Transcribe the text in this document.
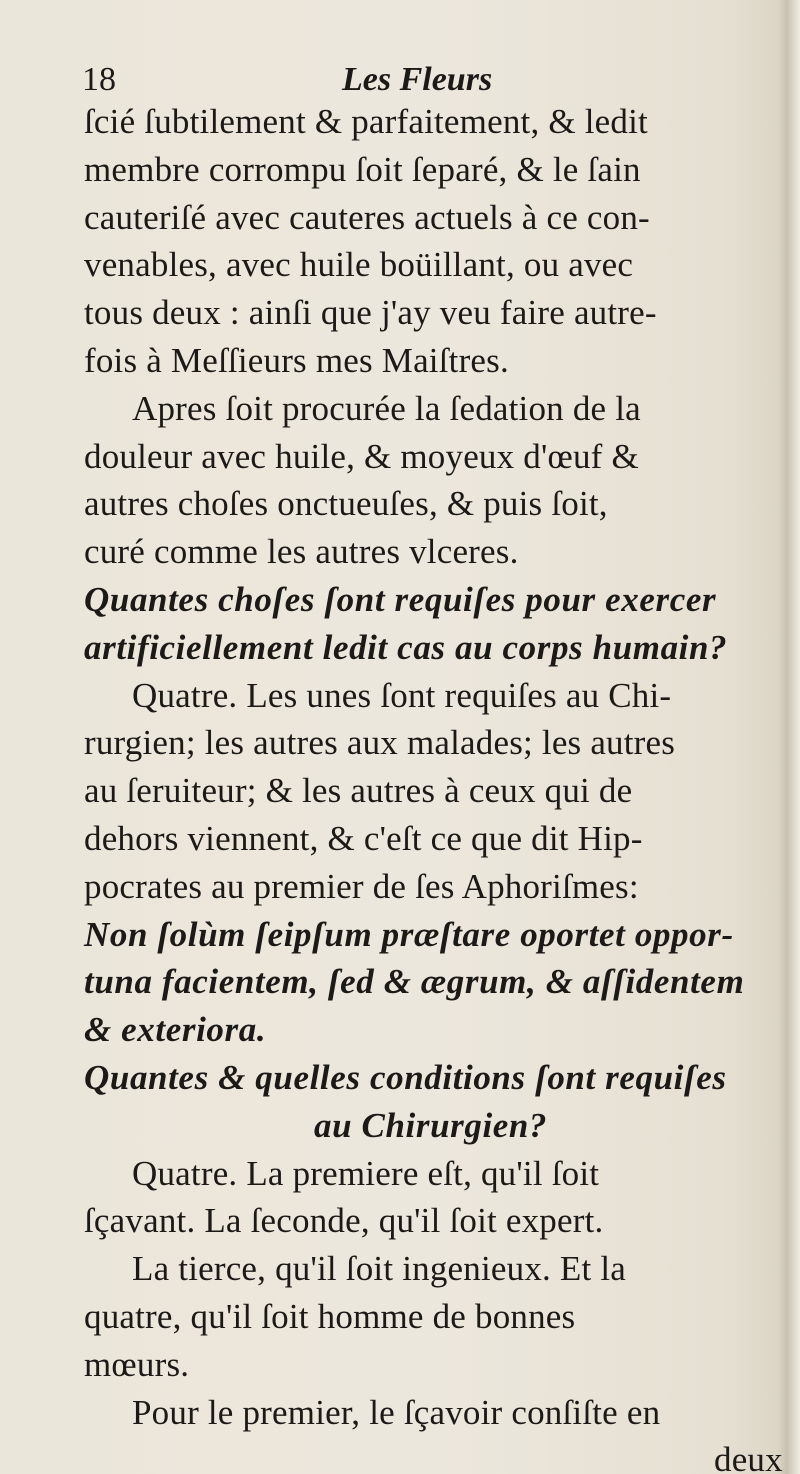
18	Les Fleurs
ſcié ſubtilement & parfaitement, & ledit
membre corrompu ſoit ſeparé, & le ſain
cauteriſé avec cauteres actuels à ce con-
venables, avec huile boüillant, ou avec
tous deux : ainſi que j'ay veu faire autre-
fois à Meſſieurs mes Maiſtres.
Apres ſoit procurée la ſedation de la
douleur avec huile, & moyeux d'œuf &
autres choſes onctueuſes, & puis ſoit,
curé comme les autres vlceres.
Quantes choſes ſont requiſes pour exercer
artificiellement ledit cas au corps humain?
Quatre. Les unes ſont requiſes au Chi-
rurgien; les autres aux malades; les autres
au ſeruiteur; & les autres à ceux qui de
dehors viennent, & c'eſt ce que dit Hip-
pocrates au premier de ſes Aphoriſmes:
Non ſolùm ſeipſum præſtare oportet oppor-
tuna facientem, ſed & ægrum, & aſſidentem
& exteriora.
Quantes & quelles conditions ſont requiſes
au Chirurgien?
Quatre. La premiere eſt, qu'il ſoit
ſçavant. La ſeconde, qu'il ſoit expert.
La tierce, qu'il ſoit ingenieux. Et la
quatre, qu'il ſoit homme de bonnes
mœurs.
Pour le premier, le ſçavoir conſiſte en
deux
